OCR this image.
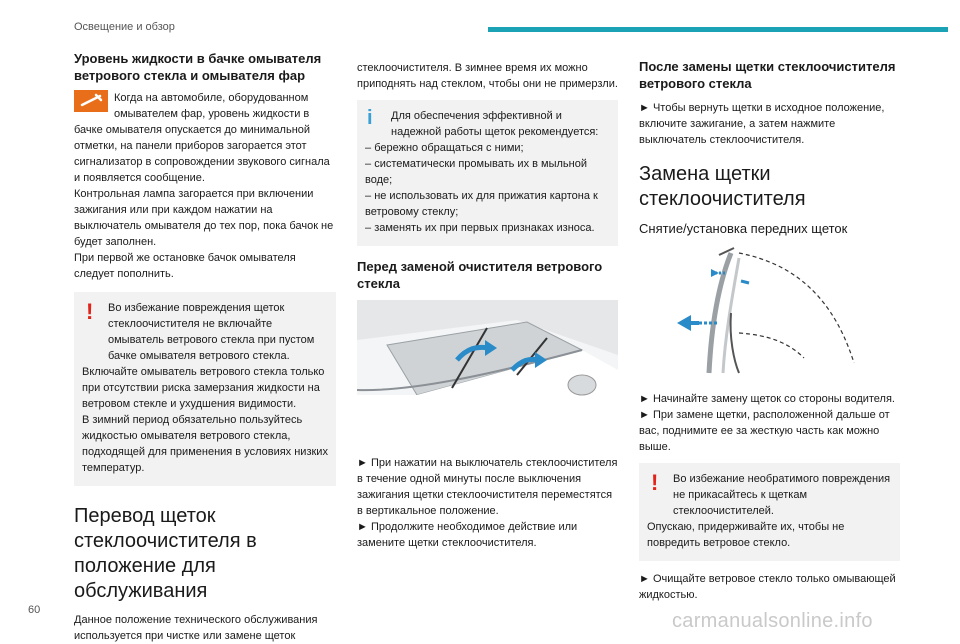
Освещение и обзор
Уровень жидкости в бачке омывателя ветрового стекла и омывателя фар
Когда на автомобиле, оборудованном омывателем фар, уровень жидкости в бачке омывателя опускается до минимальной отметки, на панели приборов загорается этот сигнализатор в сопровождении звукового сигнала и появляется сообщение.
Контрольная лампа загорается при включении зажигания или при каждом нажатии на выключатель омывателя до тех пор, пока бачок не будет заполнен.
При первой же остановке бачок омывателя следует пополнить.
!	Во избежание повреждения щеток стеклоочистителя не включайте омыватель ветрового стекла при пустом бачке омывателя ветрового стекла.
Включайте омыватель ветрового стекла только при отсутствии риска замерзания жидкости на ветровом стекле и ухудшения видимости.
В зимний период обязательно пользуйтесь жидкостью омывателя ветрового стекла, подходящей для применения в условиях низких температур.
Перевод щеток стеклоочистителя в положение для обслуживания
Данное положение технического обслуживания используется при чистке или замене щеток
стеклоочистителя. В зимнее время их можно приподнять над стеклом, чтобы они не примерзли.
i	Для обеспечения эффективной и надежной работы щеток рекомендуется:
– бережно обращаться с ними;
– систематически промывать их в мыльной воде;
– не использовать их для прижатия картона к ветровому стеклу;
– заменять их при первых признаках износа.
Перед заменой очистителя ветрового стекла
► При нажатии на выключатель стеклоочистителя в течение одной минуты после выключения зажигания щетки стеклоочистителя переместятся в вертикальное положение.
► Продолжите необходимое действие или замените щетки стеклоочистителя.
После замены щетки стеклоочистителя ветрового стекла
► Чтобы вернуть щетки в исходное положение, включите зажигание, а затем нажмите выключатель стеклоочистителя.
Замена щетки стеклоочистителя
Снятие/установка передних щеток
► Начинайте замену щеток со стороны водителя.
► При замене щетки, расположенной дальше от вас, поднимите ее за жесткую часть как можно выше.
!	Во избежание необратимого повреждения не прикасайтесь к щеткам стеклоочистителей.
Опускаю, придерживайте их, чтобы не повредить ветровое стекло.
► Очищайте ветровое стекло только омывающей жидкостью.
60	carmanualsonline.info
